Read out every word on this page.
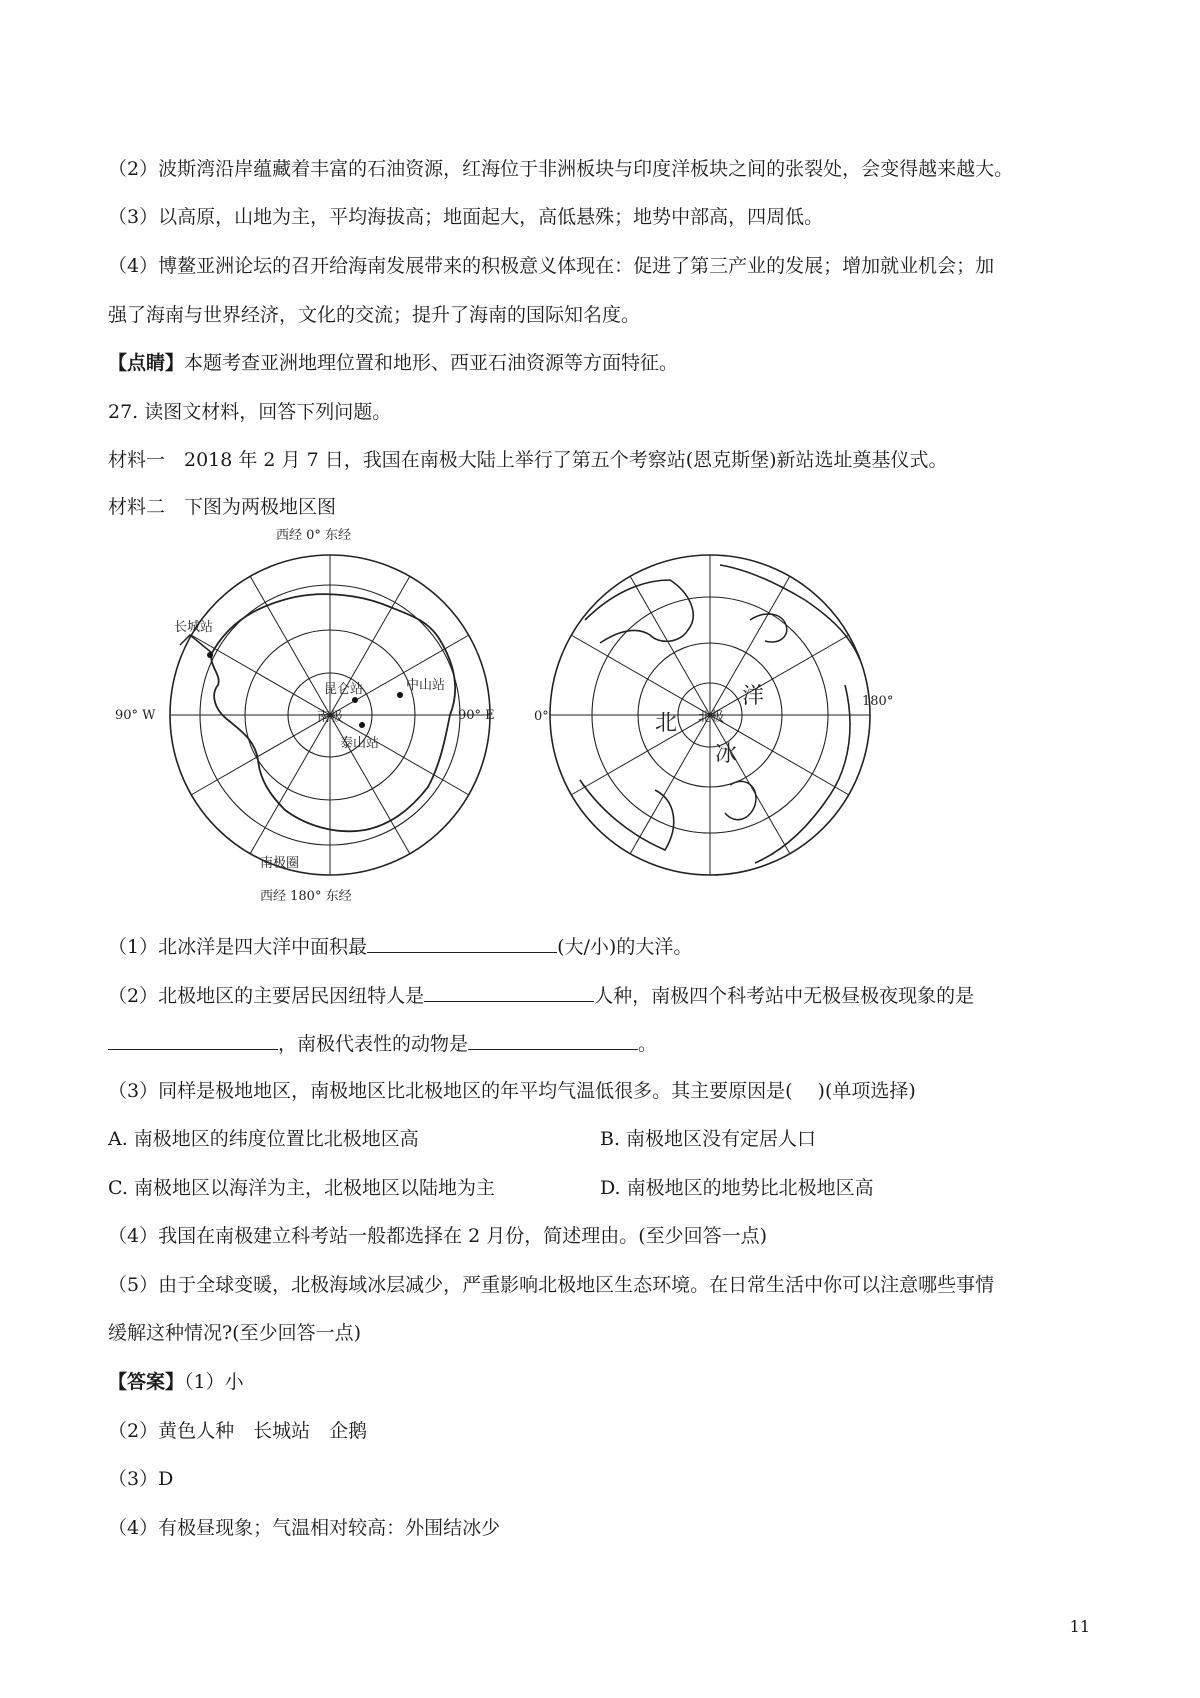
（2）波斯湾沿岸蕴藏着丰富的石油资源，红海位于非洲板块与印度洋板块之间的张裂处，会变得越来越大。
（3）以高原，山地为主，平均海拔高；地面起大，高低悬殊；地势中部高，四周低。
（4）博鳌亚洲论坛的召开给海南发展带来的积极意义体现在：促进了第三产业的发展；增加就业机会；加
强了海南与世界经济，文化的交流；提升了海南的国际知名度。
【点睛】本题考查亚洲地理位置和地形、西亚石油资源等方面特征。
27. 读图文材料，回答下列问题。
材料一　2018 年 2 月 7 日，我国在南极大陆上举行了第五个考察站(恩克斯堡)新站选址奠基仪式。
材料二　下图为两极地区图
长城站
中山站
昆仑站
泰山站
南极
西经 0° 东经
西经 180° 东经
90° W	90° E
南极圈
北极
0°
180°
北
洋
冰
（1）北冰洋是四大洋中面积最	(大/小)的大洋。
（2）北极地区的主要居民因纽特人是	人种，南极四个科考站中无极昼极夜现象的是
，南极代表性的动物是	。
（3）同样是极地地区，南极地区比北极地区的年平均气温低很多。其主要原因是(　 )(单项选择)
A. 南极地区的纬度位置比北极地区高	B. 南极地区没有定居人口
C. 南极地区以海洋为主，北极地区以陆地为主	D. 南极地区的地势比北极地区高
（4）我国在南极建立科考站一般都选择在 2 月份，简述理由。(至少回答一点)
（5）由于全球变暖，北极海域冰层减少，严重影响北极地区生态环境。在日常生活中你可以注意哪些事情
缓解这种情况?(至少回答一点)
【答案】（1）小
（2）黄色人种　长城站　企鹅
（3）D
（4）有极昼现象；气温相对较高：外围结冰少
11
